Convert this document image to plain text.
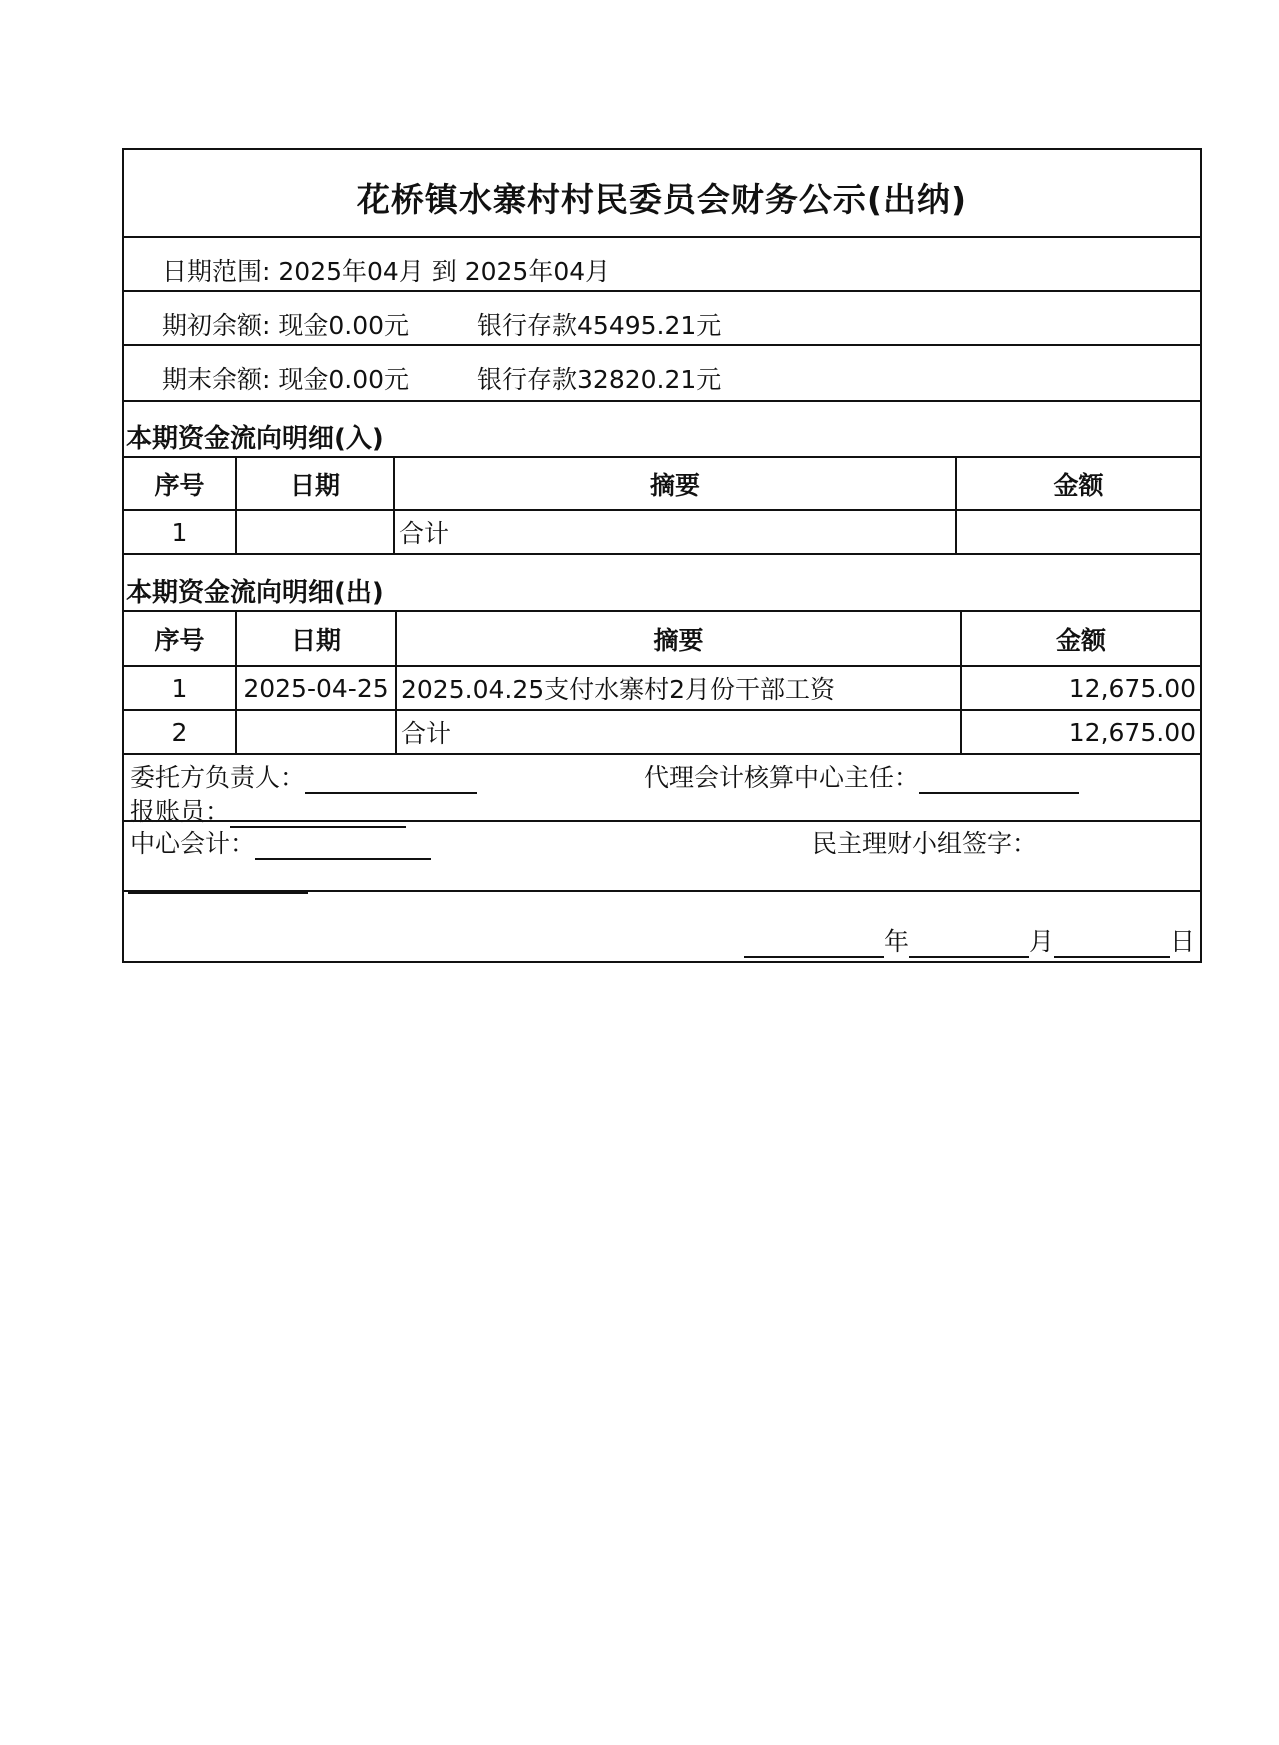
花桥镇水寨村村民委员会财务公示(出纳)
日期范围: 2025年04月 到 2025年04月
期初余额: 现金0.00元	银行存款45495.21元
期末余额: 现金0.00元	银行存款32820.21元
本期资金流向明细(入)
序号	日期	摘要	金额
1		合计	
本期资金流向明细(出)
序号	日期	摘要	金额
1	2025-04-25	2025.04.25支付水寨村2月份干部工资	12,675.00
2		合计	12,675.00
委托方负责人：	代理会计核算中心主任：
报账员：
中心会计：	民主理财小组签字：
年	月	日
